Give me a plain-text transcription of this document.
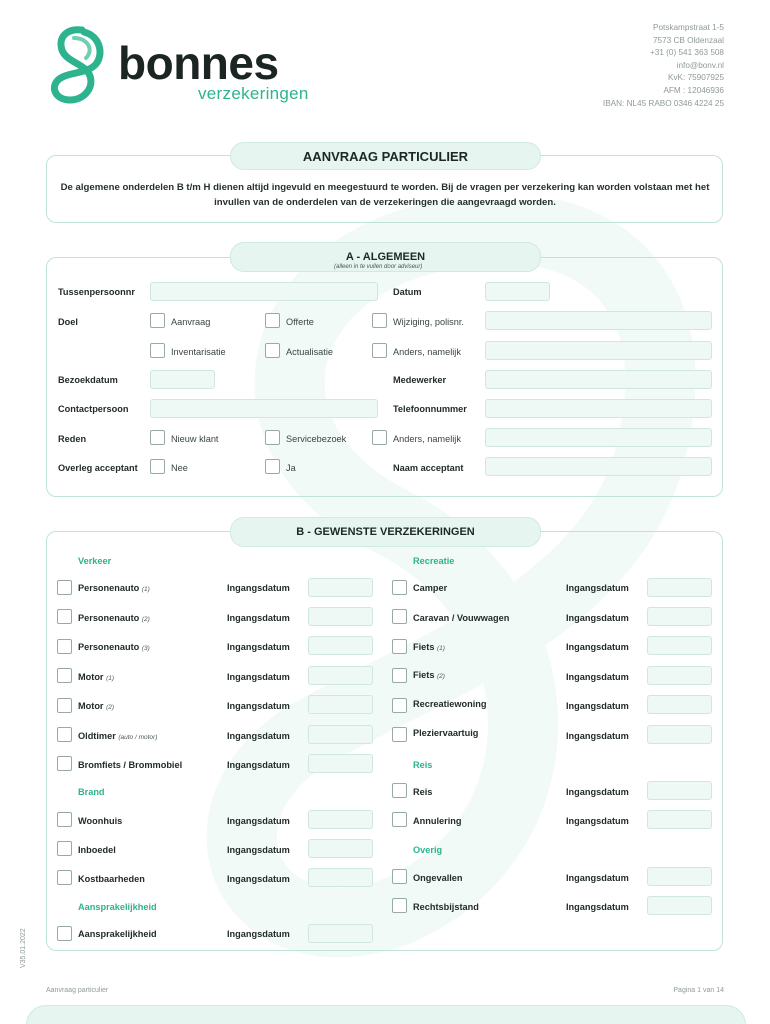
bonnes
verzekeringen
Potskampstraat 1-5
7573 CB Oldenzaal
+31 (0) 541 363 508
info@bonv.nl
KvK: 75907925
AFM : 12046936
IBAN: NL45 RABO 0346 4224 25
AANVRAAG PARTICULIER
De algemene onderdelen B t/m H dienen altijd ingevuld en meegestuurd te worden. Bij de vragen per verzekering kan worden volstaan met het invullen van de onderdelen van de verzekeringen die aangevraagd worden.
A - ALGEMEEN
(alleen in te vullen door adviseur)
Tussenpersoonnr	Datum
Doel	Aanvraag	Offerte	Wijziging, polisnr.
Inventarisatie	Actualisatie	Anders, namelijk
Bezoekdatum	Medewerker
Contactpersoon	Telefoonnummer
Reden	Nieuw klant	Servicebezoek	Anders, namelijk
Overleg acceptant	Nee	Ja	Naam acceptant
B - GEWENSTE VERZEKERINGEN
Verkeer	Recreatie
Personenauto (1)	Ingangsdatum
Personenauto (2)	Ingangsdatum
Personenauto (3)	Ingangsdatum
Motor (1)	Ingangsdatum
Motor (2)	Ingangsdatum
Oldtimer (auto / motor)	Ingangsdatum
Bromfiets / Brommobiel	Ingangsdatum
Brand
Woonhuis	Ingangsdatum
Inboedel	Ingangsdatum
Kostbaarheden	Ingangsdatum
Aansprakelijkheid
Aansprakelijkheid	Ingangsdatum
Camper	Ingangsdatum
Caravan / Vouwwagen	Ingangsdatum
Fiets (1)	Ingangsdatum
Fiets (2)	Ingangsdatum
Recreatiewoning	Ingangsdatum
Pleziervaartuig	Ingangsdatum
Reis
Reis	Ingangsdatum
Annulering	Ingangsdatum
Overig
Ongevallen	Ingangsdatum
Rechtsbijstand	Ingangsdatum
V35.01.2022
Aanvraag particulier	Pagina 1 van 14
